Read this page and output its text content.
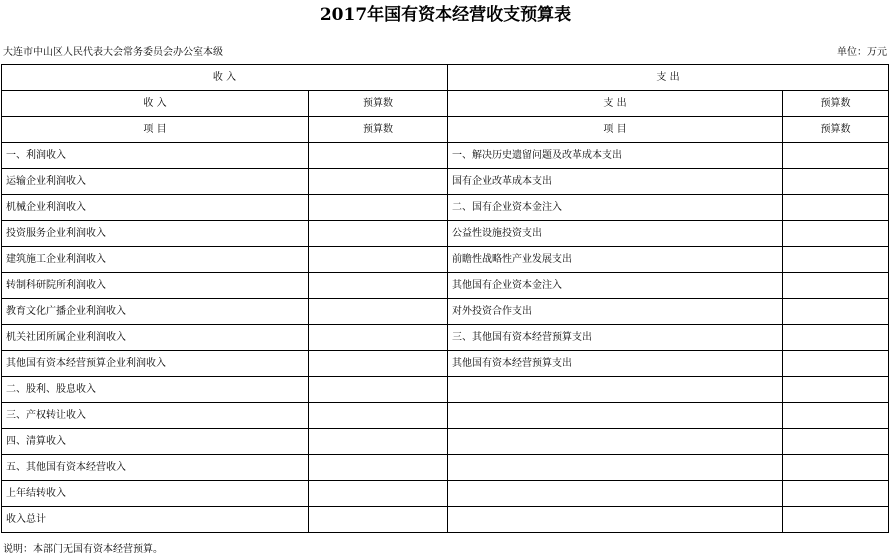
2017年国有资本经营收支预算表
大连市中山区人民代表大会常务委员会办公室本级	单位：万元
收 入		支 出	
收 入	预算数	支 出	预算数
项 目	预算数	项 目	预算数
一、利润收入		一、解决历史遗留问题及改革成本支出	
运输企业利润收入		国有企业改革成本支出	
机械企业利润收入		二、国有企业资本金注入	
投资服务企业利润收入		公益性设施投资支出	
建筑施工企业利润收入		前瞻性战略性产业发展支出	
转制科研院所利润收入		其他国有企业资本金注入	
教育文化广播企业利润收入		对外投资合作支出	
机关社团所属企业利润收入		三、其他国有资本经营预算支出	
其他国有资本经营预算企业利润收入		其他国有资本经营预算支出	
二、股利、股息收入			
三、产权转让收入			
四、清算收入			
五、其他国有资本经营收入			
上年结转收入			
收入总计			
说明：本部门无国有资本经营预算。
